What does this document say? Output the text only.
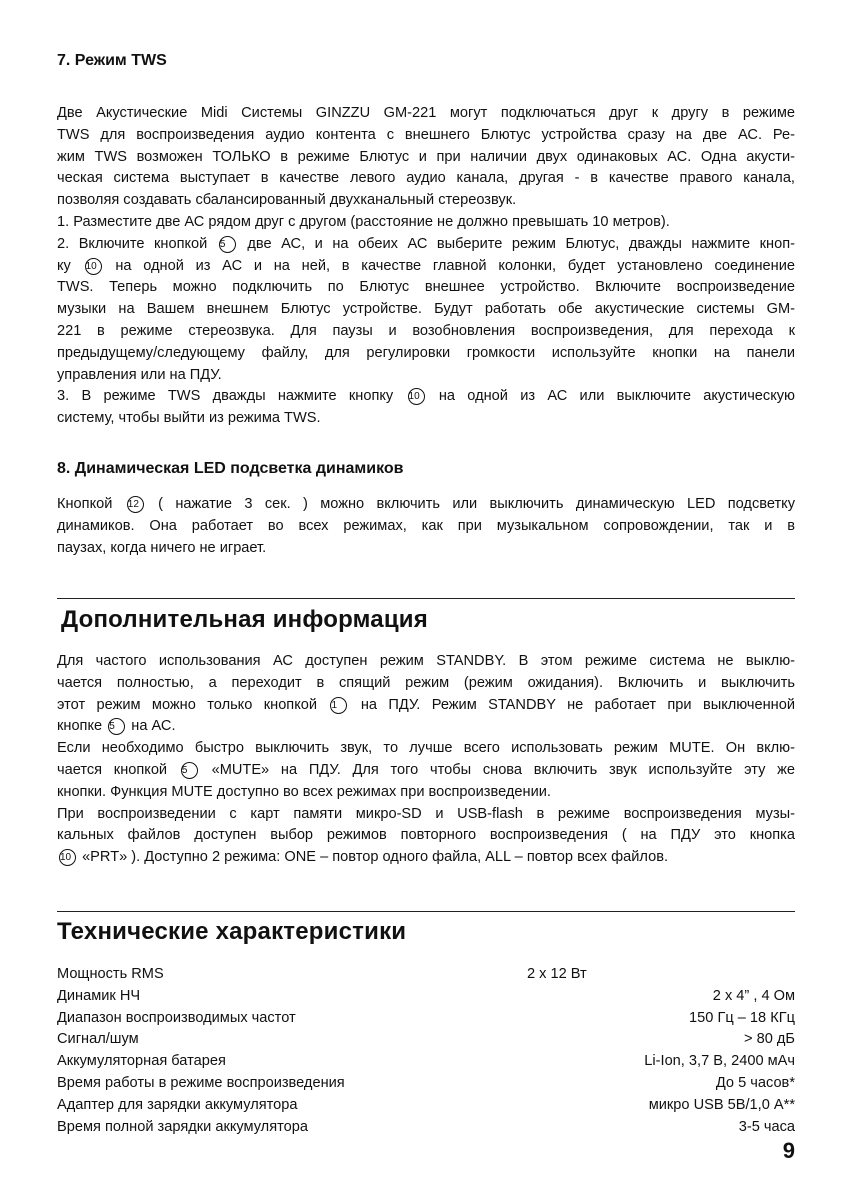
7. Режим TWS
Две Акустические Midi Системы GINZZU GM-221 могут подключаться друг к другу в режиме
TWS для воспроизведения аудио контента с внешнего Блютус устройства сразу на две АС. Ре-
жим TWS возможен ТОЛЬКО в режиме Блютус и при наличии двух одинаковых АС. Одна акусти-
ческая система выступает в качестве левого аудио канала, другая - в качестве правого канала,
позволяя создавать сбалансированный двухканальный стереозвук.
1. Разместите две АС рядом друг с другом (расстояние не должно превышать 10 метров).
2. Включите кнопкой 5 две АС, и на обеих АС выберите режим Блютус, дважды нажмите кноп-
ку 10 на одной из АС и на ней, в качестве главной колонки, будет установлено соединение
TWS. Теперь можно подключить по Блютус внешнее устройство. Включите воспроизведение
музыки на Вашем внешнем Блютус устройстве. Будут работать обе акустические системы GM-
221 в режиме стереозвука. Для паузы и возобновления воспроизведения, для перехода к
предыдущему/следующему файлу, для регулировки громкости используйте кнопки на панели
управления или на ПДУ.
3. В режиме TWS дважды нажмите кнопку 10 на одной из АС или выключите акустическую
систему, чтобы выйти из режима TWS.
8. Динамическая LED подсветка динамиков
Кнопкой 12 ( нажатие 3 сек. ) можно включить или выключить динамическую LED подсветку
динамиков. Она работает во всех режимах, как при музыкальном сопровождении, так и в
паузах, когда ничего не играет.
Дополнительная информация
Для частого использования АС доступен режим STANDBY. В этом режиме система не выклю-
чается полностью, а переходит в спящий режим (режим ожидания). Включить и выключить
этот режим можно только кнопкой 1 на ПДУ. Режим STANDBY не работает при выключенной
кнопке 5 на АС.
Если необходимо быстро выключить звук, то лучше всего использовать режим MUTE. Он вклю-
чается кнопкой 5 «MUTE» на ПДУ. Для того чтобы снова включить звук используйте эту же
кнопки. Функция MUTE доступно во всех режимах при воспроизведении.
При воспроизведении с карт памяти микро-SD и USB-flash в режиме воспроизведения музы-
кальных файлов доступен выбор режимов повторного воспроизведения ( на ПДУ это кнопка
10 «PRT» ). Доступно 2 режима: ONE – повтор одного файла, ALL – повтор всех файлов.
Технические характеристики
Мощность RMS	2 x 12 Вт
Динамик НЧ	2 x 4” , 4 Ом
Диапазон воспроизводимых частот	150 Гц – 18 КГц
Сигнал/шум	> 80 дБ
Аккумуляторная батарея	Li-Ion, 3,7 В, 2400 мАч
Время работы в режиме воспроизведения	До 5 часов*
Адаптер для зарядки аккумулятора	микро USB 5В/1,0 А**
Время полной зарядки аккумулятора	3-5 часа
9
